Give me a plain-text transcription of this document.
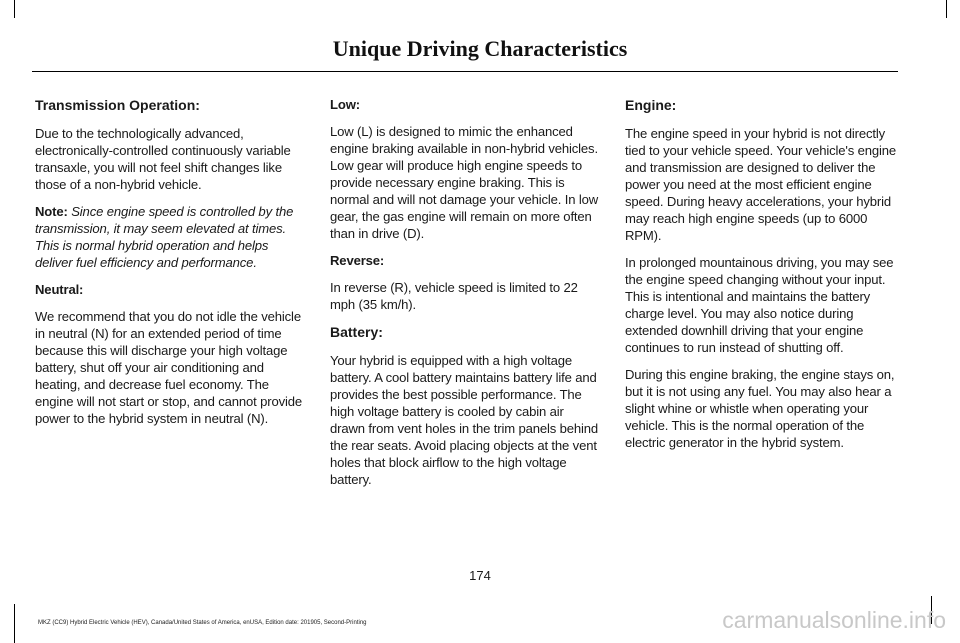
Unique Driving Characteristics
Transmission Operation:

Due to the technologically advanced, electronically-controlled continuously variable transaxle, you will not feel shift changes like those of a non-hybrid vehicle.

Note: Since engine speed is controlled by the transmission, it may seem elevated at times. This is normal hybrid operation and helps deliver fuel efficiency and performance.

Neutral:

We recommend that you do not idle the vehicle in neutral (N) for an extended period of time because this will discharge your high voltage battery, shut off your air conditioning and heating, and decrease fuel economy. The engine will not start or stop, and cannot provide power to the hybrid system in neutral (N).

Low:

Low (L) is designed to mimic the enhanced engine braking available in non-hybrid vehicles. Low gear will produce high engine speeds to provide necessary engine braking. This is normal and will not damage your vehicle. In low gear, the gas engine will remain on more often than in drive (D).

Reverse:

In reverse (R), vehicle speed is limited to 22 mph (35 km/h).

Battery:

Your hybrid is equipped with a high voltage battery. A cool battery maintains battery life and provides the best possible performance. The high voltage battery is cooled by cabin air drawn from vent holes in the trim panels behind the rear seats. Avoid placing objects at the vent holes that block airflow to the high voltage battery.

Engine:

The engine speed in your hybrid is not directly tied to your vehicle speed. Your vehicle's engine and transmission are designed to deliver the power you need at the most efficient engine speed. During heavy accelerations, your hybrid may reach high engine speeds (up to 6000 RPM).

In prolonged mountainous driving, you may see the engine speed changing without your input. This is intentional and maintains the battery charge level. You may also notice during extended downhill driving that your engine continues to run instead of shutting off.

During this engine braking, the engine stays on, but it is not using any fuel. You may also hear a slight whine or whistle when operating your vehicle. This is the normal operation of the electric generator in the hybrid system.

174
MKZ (CC9) Hybrid Electric Vehicle (HEV), Canada/United States of America, enUSA, Edition date: 201905, Second-Printing	carmanualsonline.info
